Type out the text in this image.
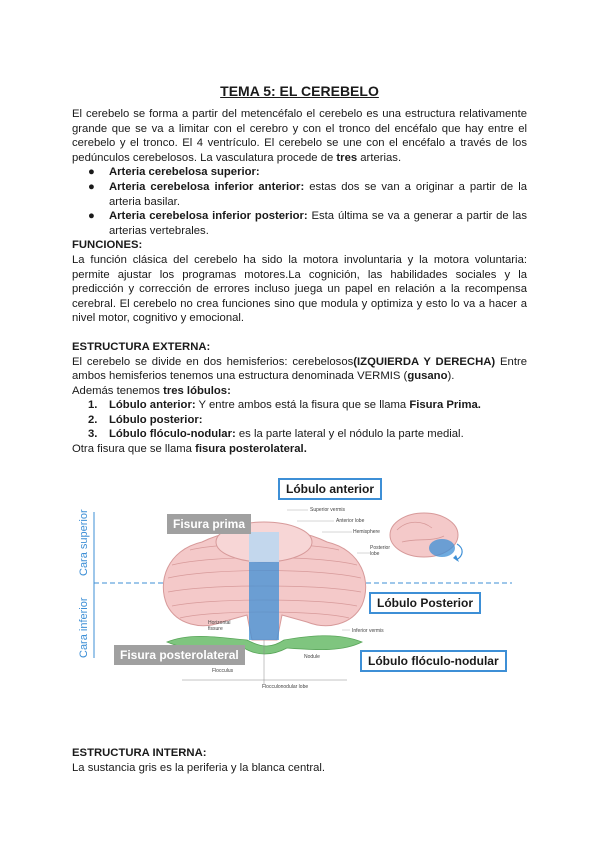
TEMA 5: EL CEREBELO

El cerebelo se forma a partir del metencéfalo el cerebelo es una estructura relativamente grande que se va a limitar con el cerebro y con el tronco del encéfalo que hay entre el cerebelo y el tronco. El 4 ventrículo. El cerebelo se une con el encéfalo a través de los pedúnculos cerebelosos. La vasculatura procede de tres arterias.

● Arteria cerebelosa superior:
● Arteria cerebelosa inferior anterior: estas dos se van a originar a partir de la arteria basilar.
● Arteria cerebelosa inferior posterior: Esta última se va a generar a partir de las arterias vertebrales.
FUNCIONES:

La función clásica del cerebelo ha sido la motora involuntaria y la motora voluntaria: permite ajustar los programas motores.La cognición, las habilidades sociales y la predicción y corrección de errores incluso juega un papel en relación a la recompensa cerebral. El cerebelo no crea funciones sino que modula y optimiza y esto lo va a hacer a nivel motor, cognitivo y emocional.

ESTRUCTURA EXTERNA:

El cerebelo se divide en dos hemisferios: cerebelosos(IZQUIERDA Y DERECHA) Entre ambos hemisferios tenemos una estructura denominada VERMIS (gusano).

Además tenemos tres lóbulos:

1. Lóbulo anterior: Y entre ambos está la fisura que se llama Fisura Prima.
2. Lóbulo posterior:
3. Lóbulo flóculo-nodular: es la parte lateral y el nódulo la parte medial.

Otra fisura que se llama fisura posterolateral.

Lóbulo anterior
Fisura prima
Lóbulo Posterior
Fisura posterolateral	Lóbulo flóculo-nodular
Cara superior
Cara inferior
Superior vermis
Anterior lobe
Hemisphere
Posterior lobe
Horizontal fissure	Inferior vermis
Flocculus
Nodule
Flocculonodular lobe
ESTRUCTURA INTERNA:

La sustancia gris es la periferia y la blanca central.
